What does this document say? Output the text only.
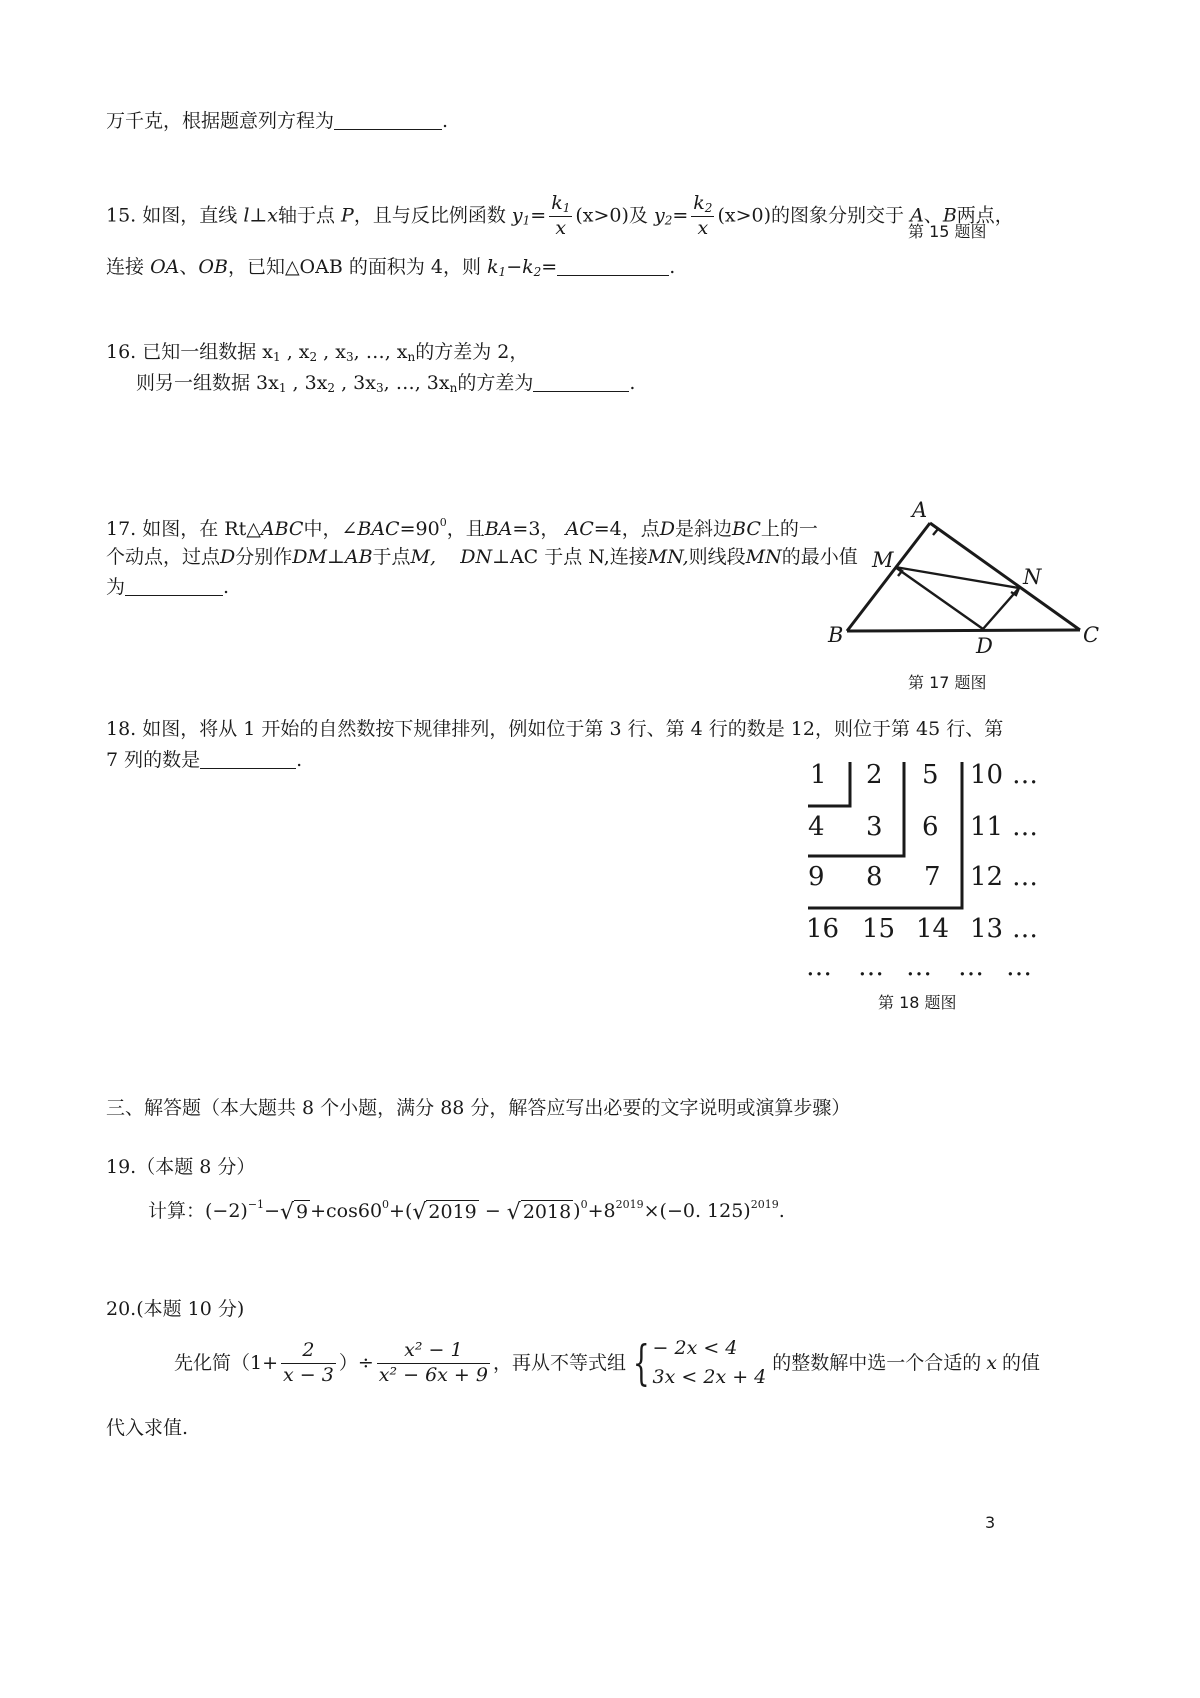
万千克，根据题意列方程为	.
15. 如图，直线 l⊥x轴于点 P，且与反比例函数 $y_1= \frac{k_1}{x} (x>0)$及 $y_2= \frac{k_2}{x} (x>0)$的图象分别交于 A、B两点，
第 15 题图
连接 OA、OB，已知△OAB 的面积为 4，则 $k_1-k_2=$	.
16. 已知一组数据 $x_1$ , $x_2$ , $x_3$, …, $x_n$的方差为 2，
则另一组数据 $3x_1$ , $3x_2$ , $3x_3$, …, $3x_n$的方差为	.
17. 如图，在 Rt△ABC中，$\angle BAC=90^0$，且BA=3， AC=4，点D是斜边BC上的一
个动点，过点D分别作DM⊥AB于点M, DN⊥AC 于点 N,连接MN,则线段MN的最小值
为	.
A
M
N
B	D	C
第 17 题图
18. 如图，将从 1 开始的自然数按下规律排列，例如位于第 3 行、第 4 行的数是 12，则位于第 45 行、第
7 列的数是	.	1 2 5 10 …
4 3 6 11 …
9 8 7 12 …
16 15 14 13 …
… … … … …
第 18 题图
三、解答题（本大题共 8 个小题，满分 88 分，解答应写出必要的文字说明或演算步骤）
19.（本题 8 分）
计算：$(-2)^{-1}-$ √ $9 +\cos 60^0+$( √ 2019 − √ 2018 )$^0+8^{2019}\times(-0$. 125)$^{2019}$.
20.(本题 10 分)
先化简（$1+ \frac{2}{x - 3}$ ）÷ $\frac{\text{x² − 1}}{\text{x² − 6x + 9}}$ ，再从不等式组 { − 2x < 4
3x < 2x + 4
的整数解中选一个合适的 x 的值
代入求值.
3
